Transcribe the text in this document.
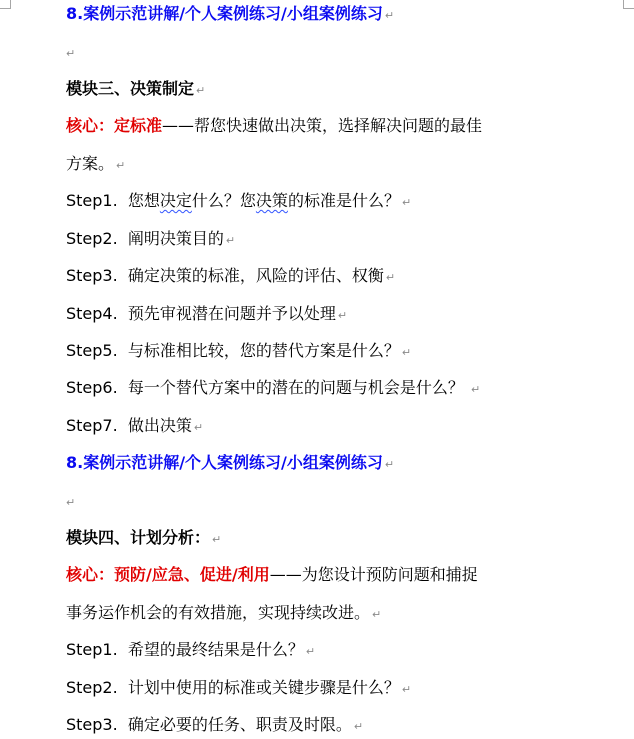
8.案例示范讲解/个人案例练习/小组案例练习 ↵
↵
模块三、决策制定 ↵
核心：定标准——帮您快速做出决策，选择解决问题的最佳
方案。 ↵
Step1. 您想决定什么？您决策的标准是什么？ ↵
Step2. 阐明决策目的 ↵
Step3. 确定决策的标准，风险的评估、权衡 ↵
Step4. 预先审视潜在问题并予以处理 ↵
Step5. 与标准相比较，您的替代方案是什么？ ↵
Step6. 每一个替代方案中的潜在的问题与机会是什么？ ↵
Step7. 做出决策 ↵
8.案例示范讲解/个人案例练习/小组案例练习 ↵
↵
模块四、计划分析： ↵
核心：预防/应急、促进/利用——为您设计预防问题和捕捉
事务运作机会的有效措施，实现持续改进。 ↵
Step1. 希望的最终结果是什么？ ↵
Step2. 计划中使用的标准或关键步骤是什么？ ↵
Step3. 确定必要的任务、职责及时限。 ↵
